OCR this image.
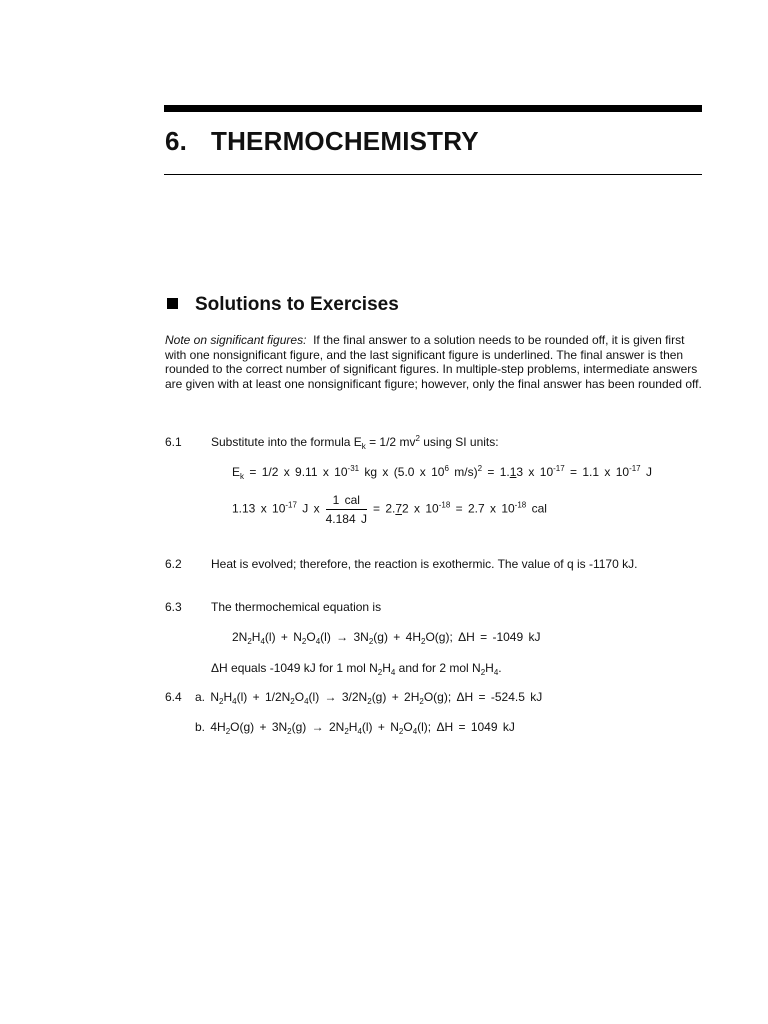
6. THERMOCHEMISTRY
Solutions to Exercises
Note on significant figures: If the final answer to a solution needs to be rounded off, it is given first with one nonsignificant figure, and the last significant figure is underlined. The final answer is then rounded to the correct number of significant figures. In multiple-step problems, intermediate answers are given with at least one nonsignificant figure; however, only the final answer has been rounded off.
6.1 Substitute into the formula $E_k = 1/2$ $mv^2$ using SI units:
$E_k = 1/2$ x 9.11 x $10^{-31}$ kg x (5.0 x $10^6$ m/s)$^2$ = 1.13 x $10^{-17} = 1.1$ x $10^{-17}$ J
1.13 x $10^{-17}$ J x $\frac{\text{1 cal}}{4.184 J} = 2.72$ x $10^{-18} = 2.7$ x $10^{-18}$ cal
6.2 Heat is evolved; therefore, the reaction is exothermic. The value of q is -1170 kJ.
6.3 The thermochemical equation is
$2N_2H_4(l) + N_2O_4(l) \to 3N_2(g) + 4H_2O(g)$; ΔH = -1049 kJ
ΔH equals -1049 kJ for 1 mol $N_2H_4$ and for 2 mol $N_2H_4$.
6.4 a. $N_2H_4(l) + 1/2N_2O_4(l) \to 3/2N_2(g) + 2H_2O(g)$; ΔH = -524.5 kJ
b. $4H_2O(g) + 3N_2(g) \to 2N_2H_4(l) + N_2O_4(l)$; ΔH = 1049 kJ
